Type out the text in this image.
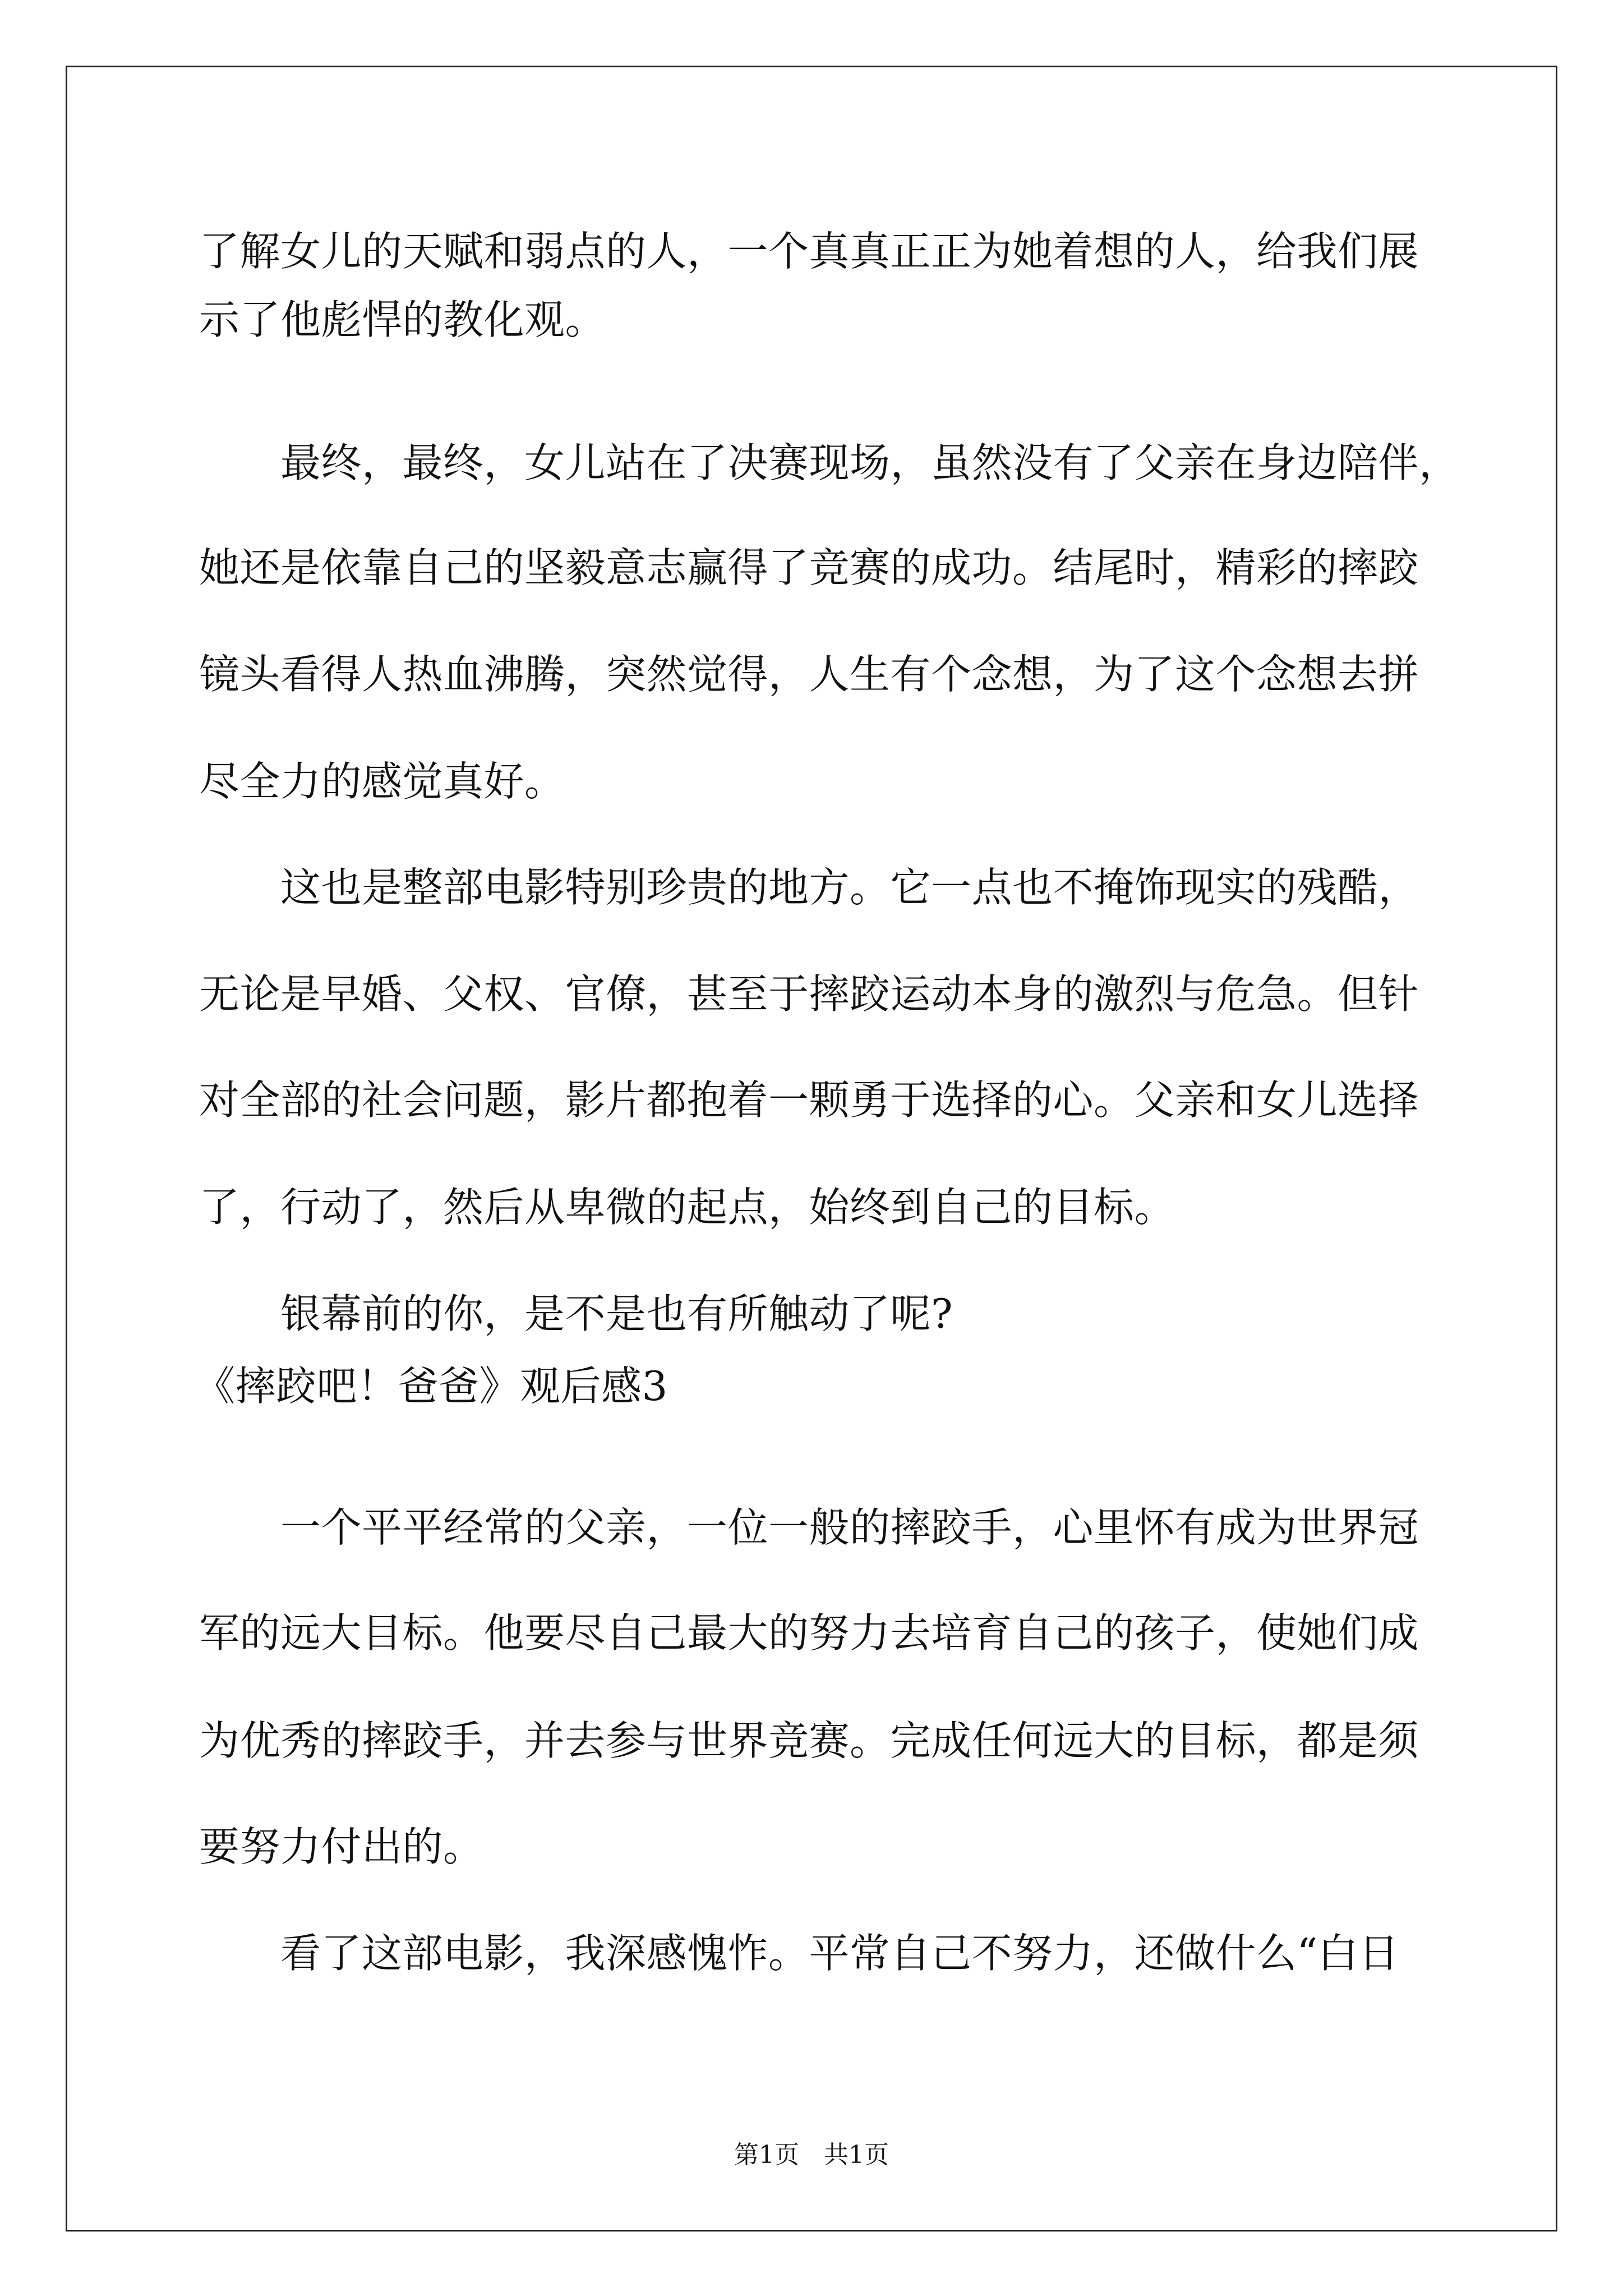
了解女儿的天赋和弱点的人，一个真真正正为她着想的人，给我们展
示了他彪悍的教化观。
　　最终，最终，女儿站在了决赛现场，虽然没有了父亲在身边陪伴，
她还是依靠自己的坚毅意志赢得了竞赛的成功。结尾时，精彩的摔跤
镜头看得人热血沸腾，突然觉得，人生有个念想，为了这个念想去拼
尽全力的感觉真好。
　　这也是整部电影特别珍贵的地方。它一点也不掩饰现实的残酷，
无论是早婚、父权、官僚，甚至于摔跤运动本身的激烈与危急。但针
对全部的社会问题，影片都抱着一颗勇于选择的心。父亲和女儿选择
了，行动了，然后从卑微的起点，始终到自己的目标。
　　银幕前的你，是不是也有所触动了呢?
《摔跤吧！爸爸》观后感3
　　一个平平经常的父亲，一位一般的摔跤手，心里怀有成为世界冠
军的远大目标。他要尽自己最大的努力去培育自己的孩子，使她们成
为优秀的摔跤手，并去参与世界竞赛。完成任何远大的目标，都是须
要努力付出的。
　　看了这部电影，我深感愧怍。平常自己不努力，还做什么“白日
第1页　共1页
